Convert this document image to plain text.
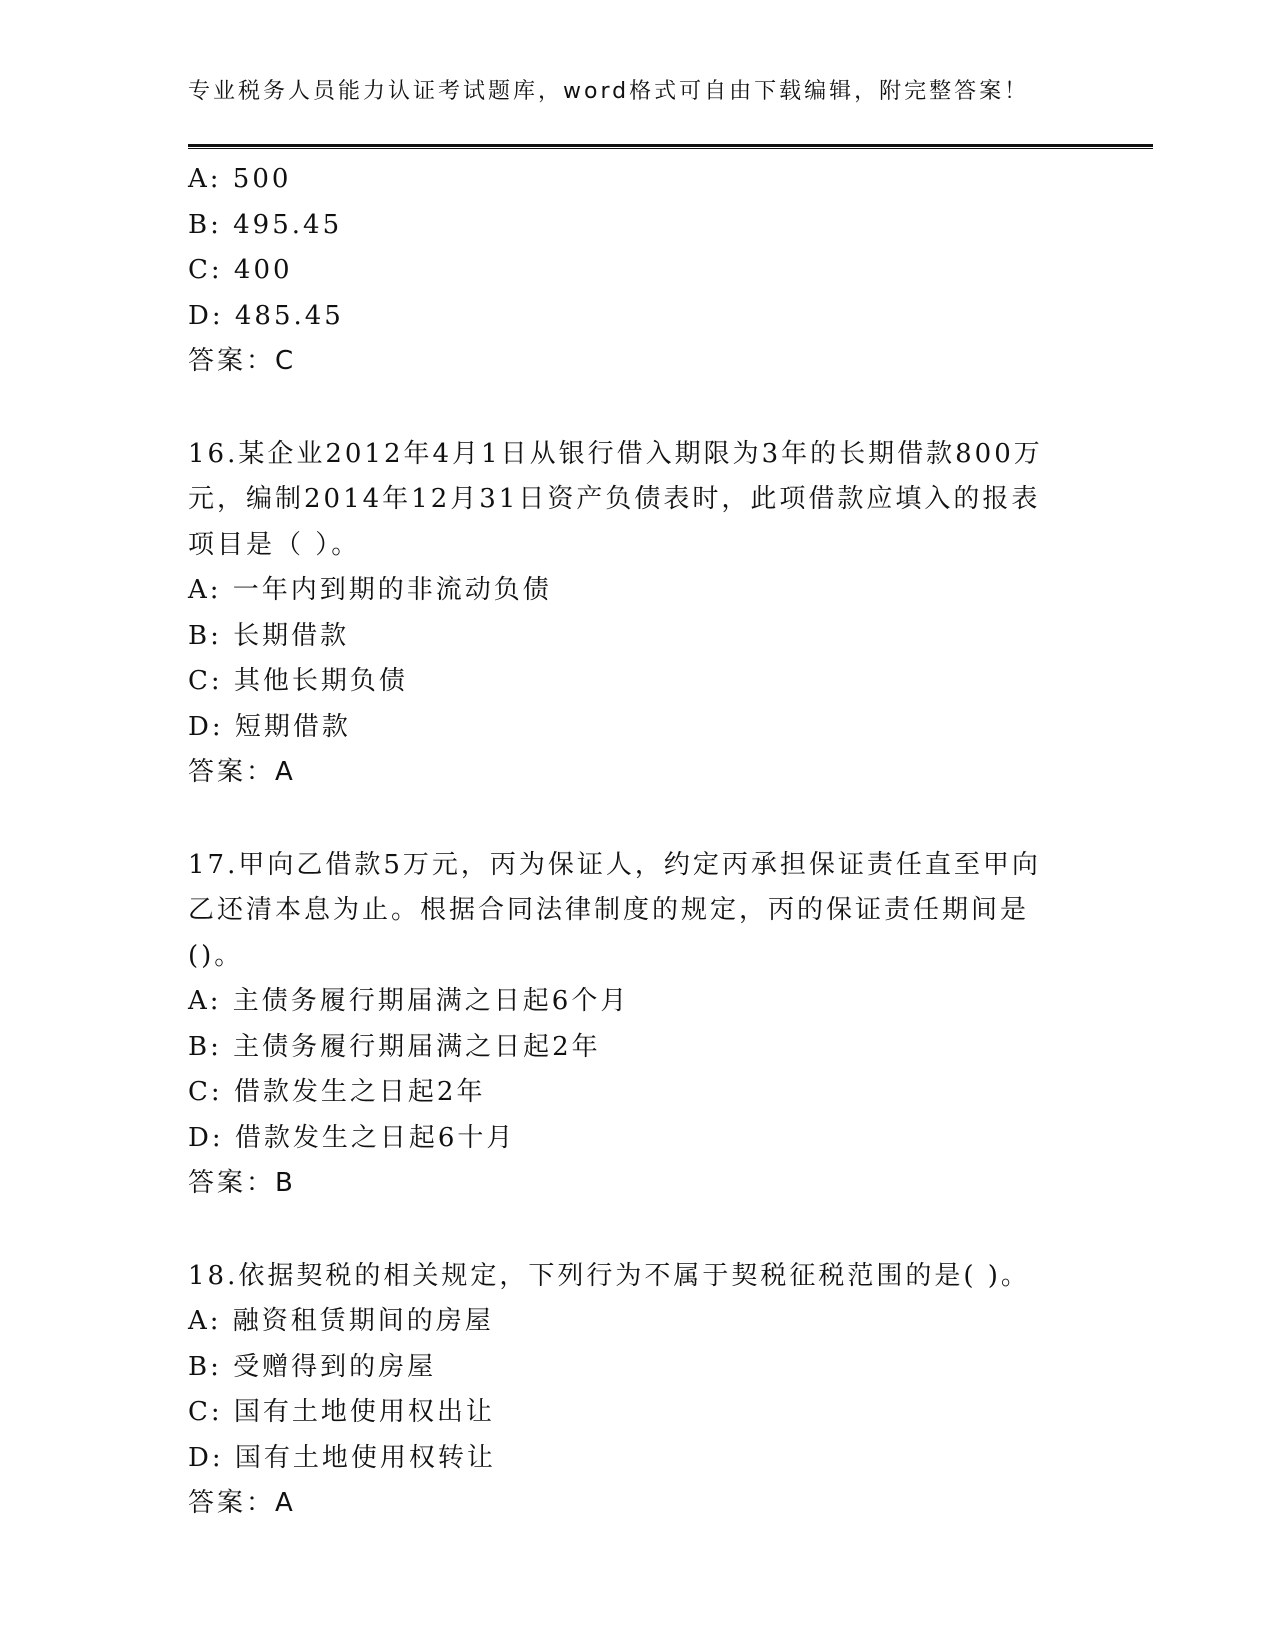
专业税务人员能力认证考试题库，word格式可自由下载编辑，附完整答案！
A: 500
B: 495.45
C: 400
D: 485.45
答案：C
16.某企业2012年4月1日从银行借入期限为3年的长期借款800万元，编制2014年12月31日资产负债表时，此项借款应填入的报表项目是（ ）。
A: 一年内到期的非流动负债
B: 长期借款
C: 其他长期负债
D: 短期借款
答案：A
17.甲向乙借款5万元，丙为保证人，约定丙承担保证责任直至甲向乙还清本息为止。根据合同法律制度的规定，丙的保证责任期间是()。
A: 主债务履行期届满之日起6个月
B: 主债务履行期届满之日起2年
C: 借款发生之日起2年
D: 借款发生之日起6十月
答案：B
18.依据契税的相关规定，下列行为不属于契税征税范围的是( )。
A: 融资租赁期间的房屋
B: 受赠得到的房屋
C: 国有土地使用权出让
D: 国有土地使用权转让
答案：A
